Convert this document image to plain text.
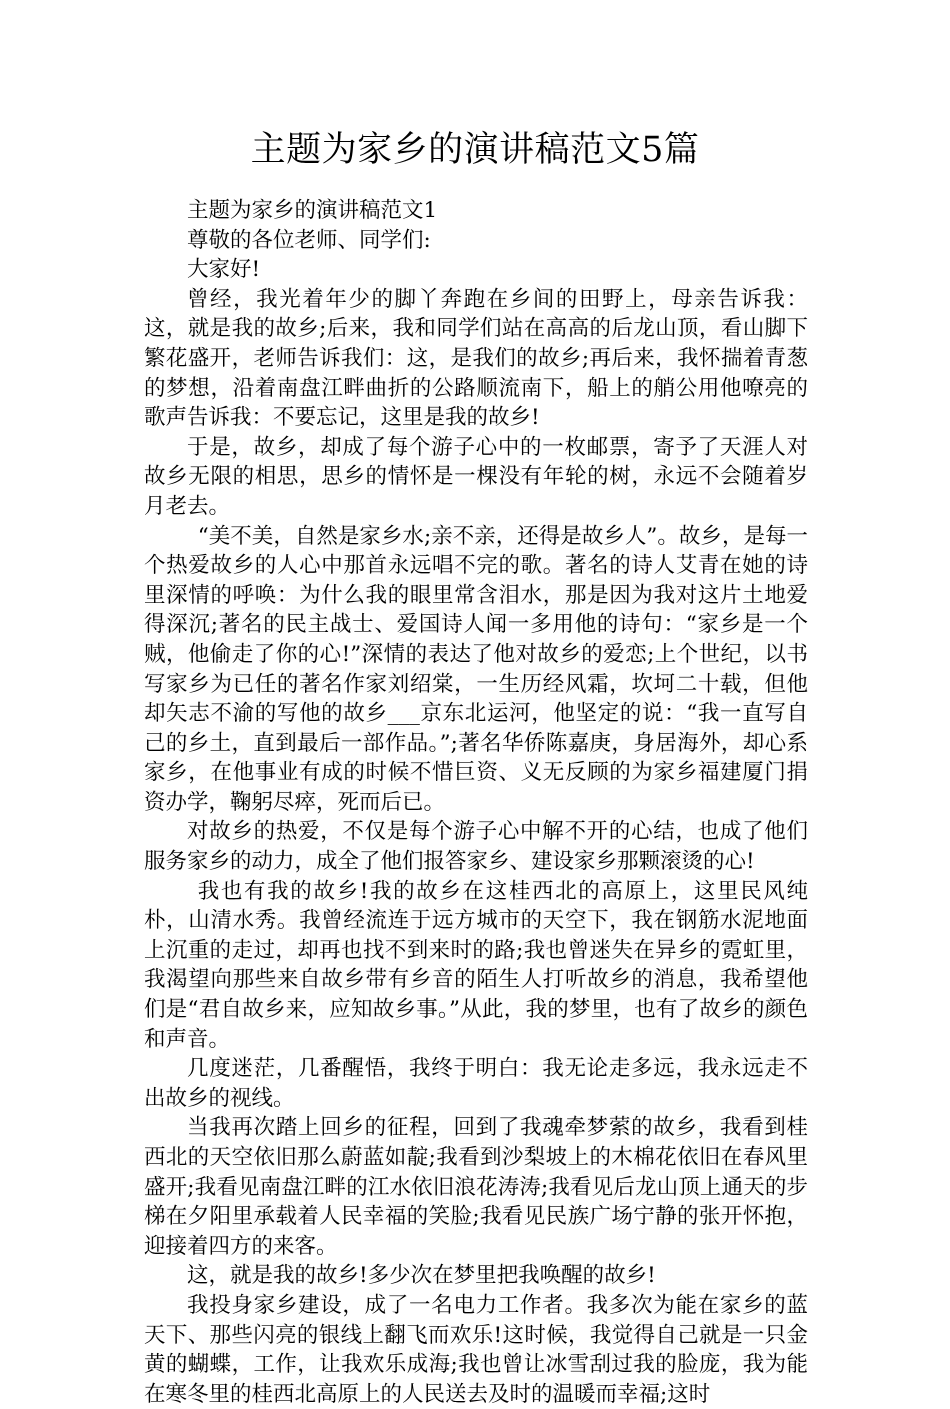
主题为家乡的演讲稿范文5篇

主题为家乡的演讲稿范文1

尊敬的各位老师、同学们:

大家好!

曾经，我光着年少的脚丫奔跑在乡间的田野上，母亲告诉我：这，就是我的故乡;后来，我和同学们站在高高的后龙山顶，看山脚下繁花盛开，老师告诉我们：这，是我们的故乡;再后来，我怀揣着青葱的梦想，沿着南盘江畔曲折的公路顺流南下，船上的艄公用他嘹亮的歌声告诉我：不要忘记，这里是我的故乡!

于是，故乡，却成了每个游子心中的一枚邮票，寄予了天涯人对故乡无限的相思，思乡的情怀是一棵没有年轮的树，永远不会随着岁月老去。

“美不美，自然是家乡水;亲不亲，还得是故乡人”。故乡，是每一个热爱故乡的人心中那首永远唱不完的歌。著名的诗人艾青在她的诗里深情的呼唤：为什么我的眼里常含泪水，那是因为我对这片土地爱得深沉;著名的民主战士、爱国诗人闻一多用他的诗句：“家乡是一个贼，他偷走了你的心!”深情的表达了他对故乡的爱恋;上个世纪，以书写家乡为已任的著名作家刘绍棠，一生历经风霜，坎坷二十载，但他却矢志不渝的写他的故乡___京东北运河，他坚定的说：“我一直写自己的乡土，直到最后一部作品。”;著名华侨陈嘉庚，身居海外，却心系家乡，在他事业有成的时候不惜巨资、义无反顾的为家乡福建厦门捐资办学，鞠躬尽瘁，死而后已。

对故乡的热爱，不仅是每个游子心中解不开的心结，也成了他们服务家乡的动力，成全了他们报答家乡、建设家乡那颗滚烫的心!

我也有我的故乡!我的故乡在这桂西北的高原上，这里民风纯朴，山清水秀。我曾经流连于远方城市的天空下，我在钢筋水泥地面上沉重的走过，却再也找不到来时的路;我也曾迷失在异乡的霓虹里，我渴望向那些来自故乡带有乡音的陌生人打听故乡的消息，我希望他们是“君自故乡来，应知故乡事。”从此，我的梦里，也有了故乡的颜色和声音。

几度迷茫，几番醒悟，我终于明白：我无论走多远，我永远走不出故乡的视线。

当我再次踏上回乡的征程，回到了我魂牵梦萦的故乡，我看到桂西北的天空依旧那么蔚蓝如靛;我看到沙梨坡上的木棉花依旧在春风里盛开;我看见南盘江畔的江水依旧浪花涛涛;我看见后龙山顶上通天的步梯在夕阳里承载着人民幸福的笑脸;我看见民族广场宁静的张开怀抱，迎接着四方的来客。

这，就是我的故乡!多少次在梦里把我唤醒的故乡!

我投身家乡建设，成了一名电力工作者。我多次为能在家乡的蓝天下、那些闪亮的银线上翻飞而欢乐!这时候，我觉得自己就是一只金黄的蝴蝶，工作，让我欢乐成海;我也曾让冰雪刮过我的脸庞，我为能在寒冬里的桂西北高原上的人民送去及时的温暖而幸福;这时
